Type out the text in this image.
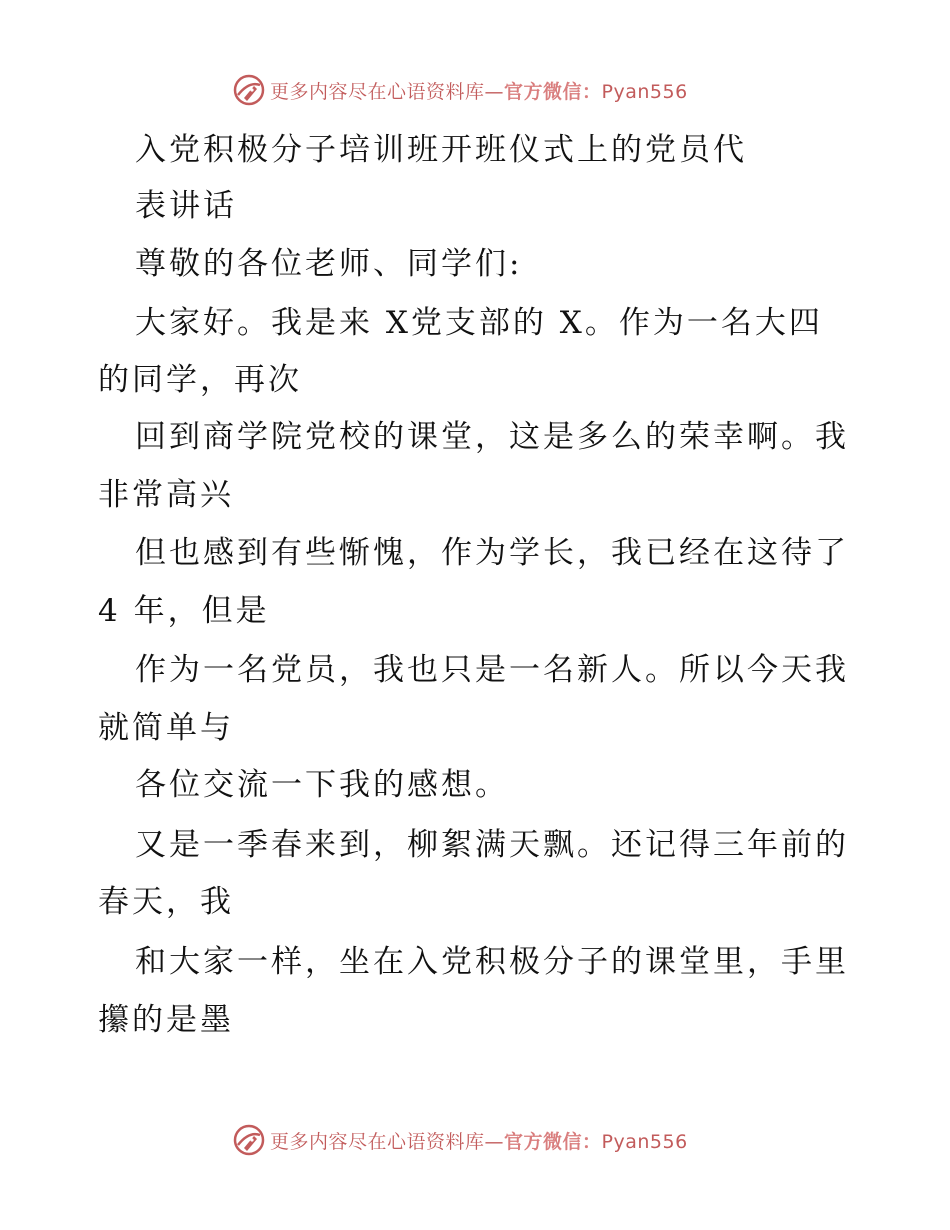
更多内容尽在心语资料库—官方微信：Pyan556
入党积极分子培训班开班仪式上的党员代
表讲话
尊敬的各位老师、同学们:
大家好。我是来 X党支部的 X。作为一名大四
的同学，再次
回到商学院党校的课堂，这是多么的荣幸啊。我
非常高兴
但也感到有些惭愧，作为学长，我已经在这待了
4 年，但是
作为一名党员，我也只是一名新人。所以今天我
就简单与
各位交流一下我的感想。
又是一季春来到，柳絮满天飘。还记得三年前的
春天，我
和大家一样，坐在入党积极分子的课堂里，手里
攥的是墨
更多内容尽在心语资料库—官方微信：Pyan556
